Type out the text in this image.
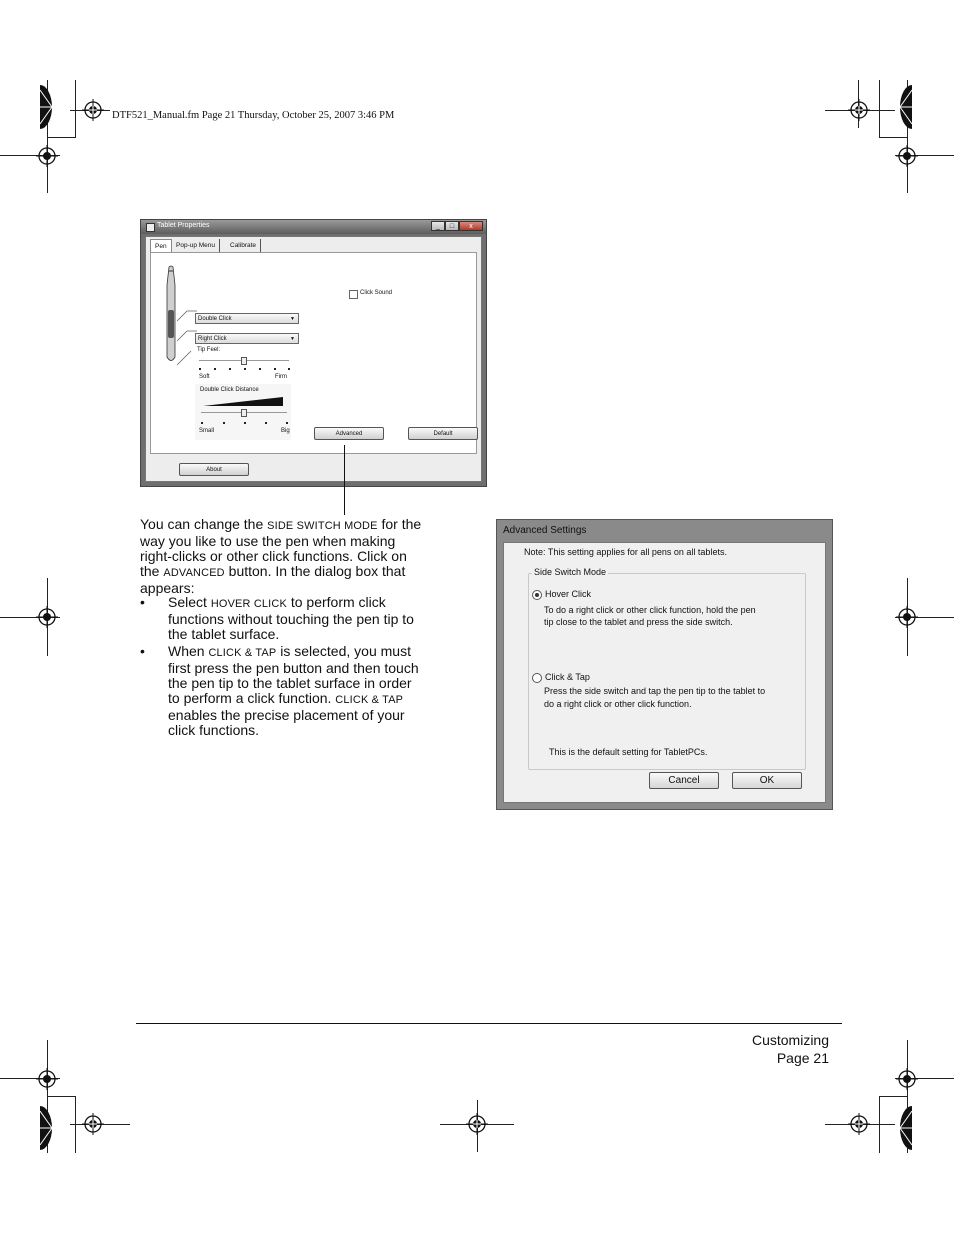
DTF521_Manual.fm Page 21 Thursday, October 25, 2007 3:46 PM
Tablet Properties	_	□	x
Pen	Pop-up Menu	Calibrate
Click Sound
Double Click	▼
Right Click	▼
Tip Feel:
Soft	Firm
Double Click Distance
Small	Big	Advanced	Default
About
You can change the SIDE SWITCH MODE for the way you like to use the pen when making right-clicks or other click functions. Click on the ADVANCED button. In the dialog box that appears:
• Select HOVER CLICK to perform click functions without touching the pen tip to the tablet surface.
• When CLICK & TAP is selected, you must first press the pen button and then touch the pen tip to the tablet surface in order to perform a click function. CLICK & TAP enables the precise placement of your click functions.
Advanced Settings
Note: This setting applies for all pens on all tablets.
Side Switch Mode
Hover Click
To do a right click or other click function, hold the pen
tip close to the tablet and press the side switch.
Click & Tap
Press the side switch and tap the pen tip to the tablet to
do a right click or other click function.
This is the default setting for TabletPCs.
Cancel	OK
Customizing
Page 21
